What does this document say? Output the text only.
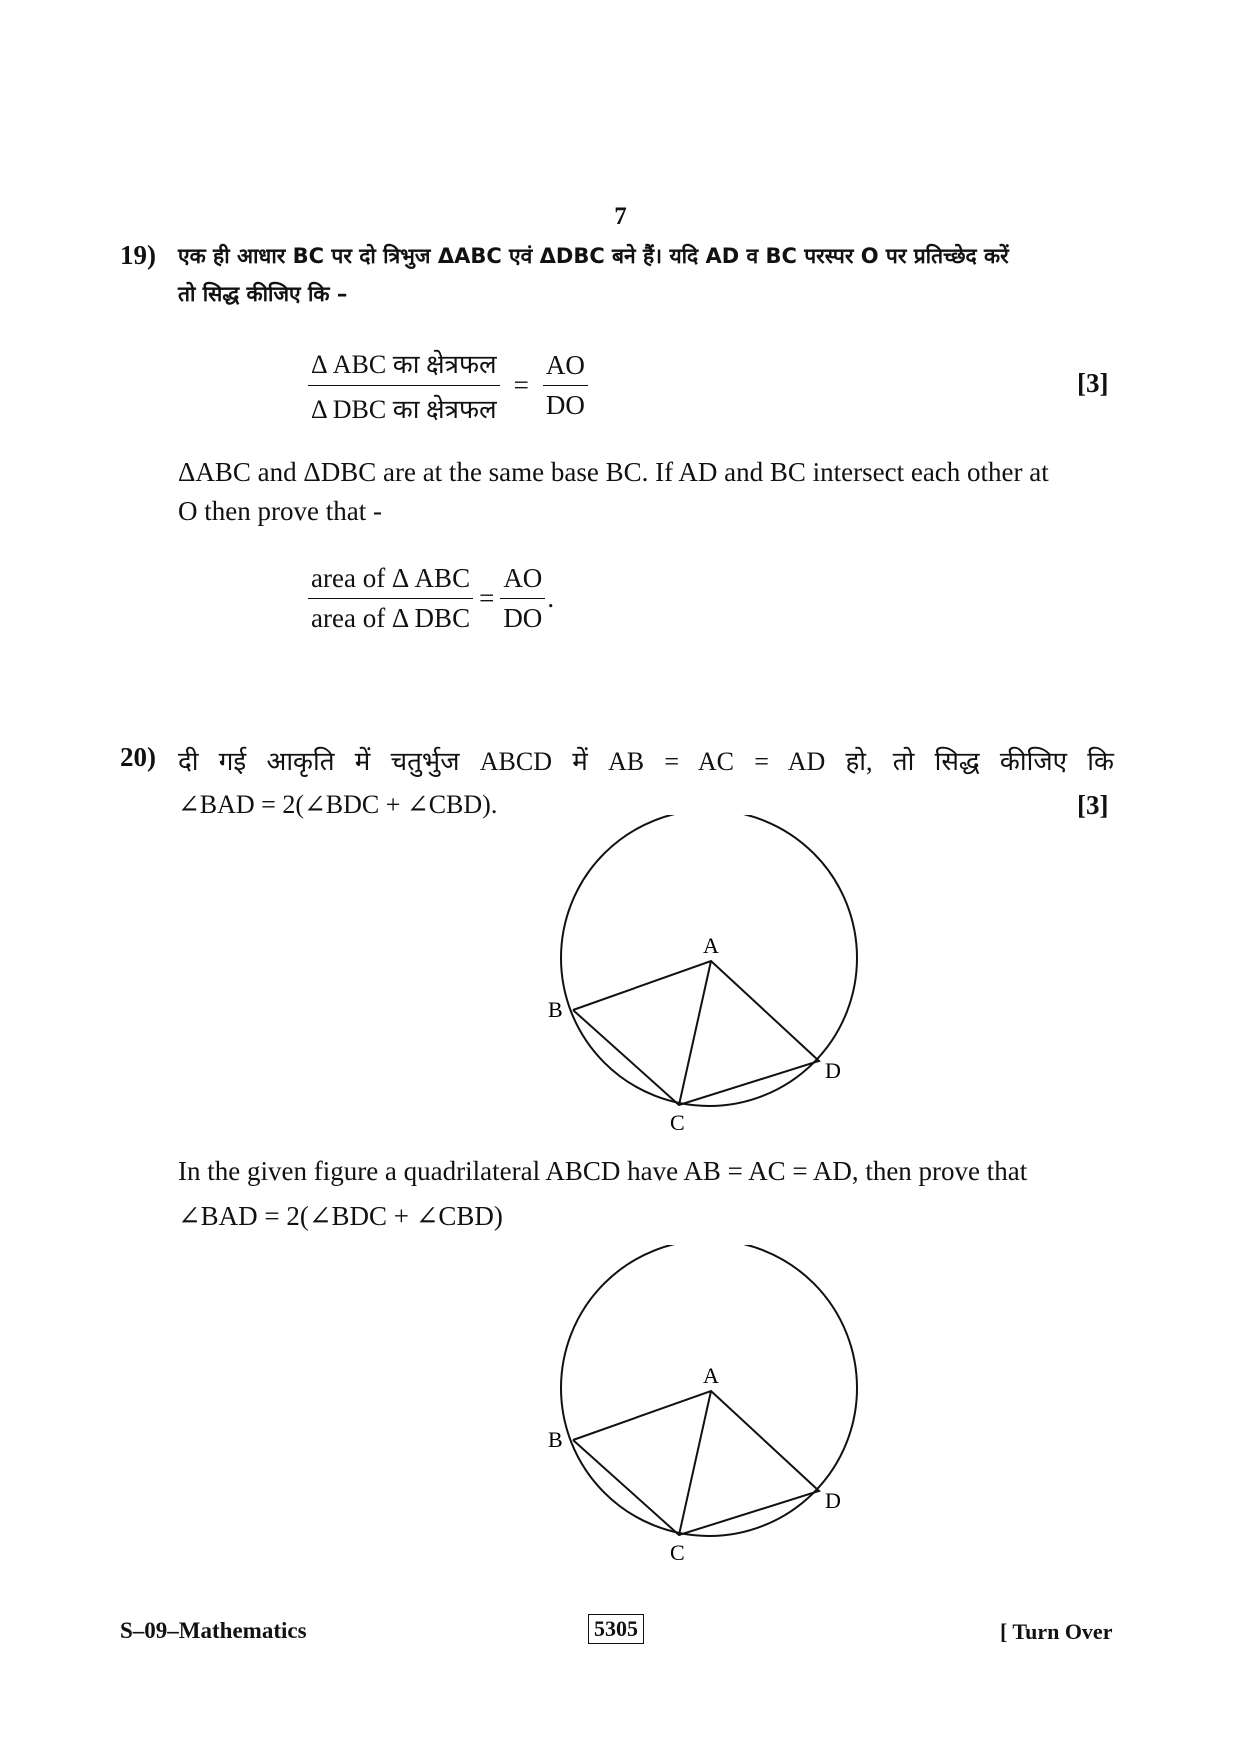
7
19) एक ही आधार BC पर दो त्रिभुज ΔABC एवं ΔDBC बने हैं। यदि AD व BC परस्पर O पर प्रतिच्छेद करें
तो सिद्ध कीजिए कि –
$\frac{\text{Δ ABC का क्षेत्रफल}}{\text{Δ DBC का क्षेत्रफल}} = \frac{AO}{DO}$	[3]
ΔABC and ΔDBC are at the same base BC. If AD and BC intersect each other at
O then prove that -
$\frac{\text{area of Δ ABC}}{\text{area of Δ DBC}} = \frac{AO}{DO}$ .
20) दी गई आकृति में चतुर्भुज ABCD में AB = AC = AD हो, तो सिद्ध कीजिए कि
∠BAD = 2(∠BDC + ∠CBD).	[3]
A
B
C
D
In the given figure a quadrilateral ABCD have AB = AC = AD, then prove that
∠BAD = 2(∠BDC + ∠CBD)
A
B
C
D
S–09–Mathematics	5305	[ Turn Over
